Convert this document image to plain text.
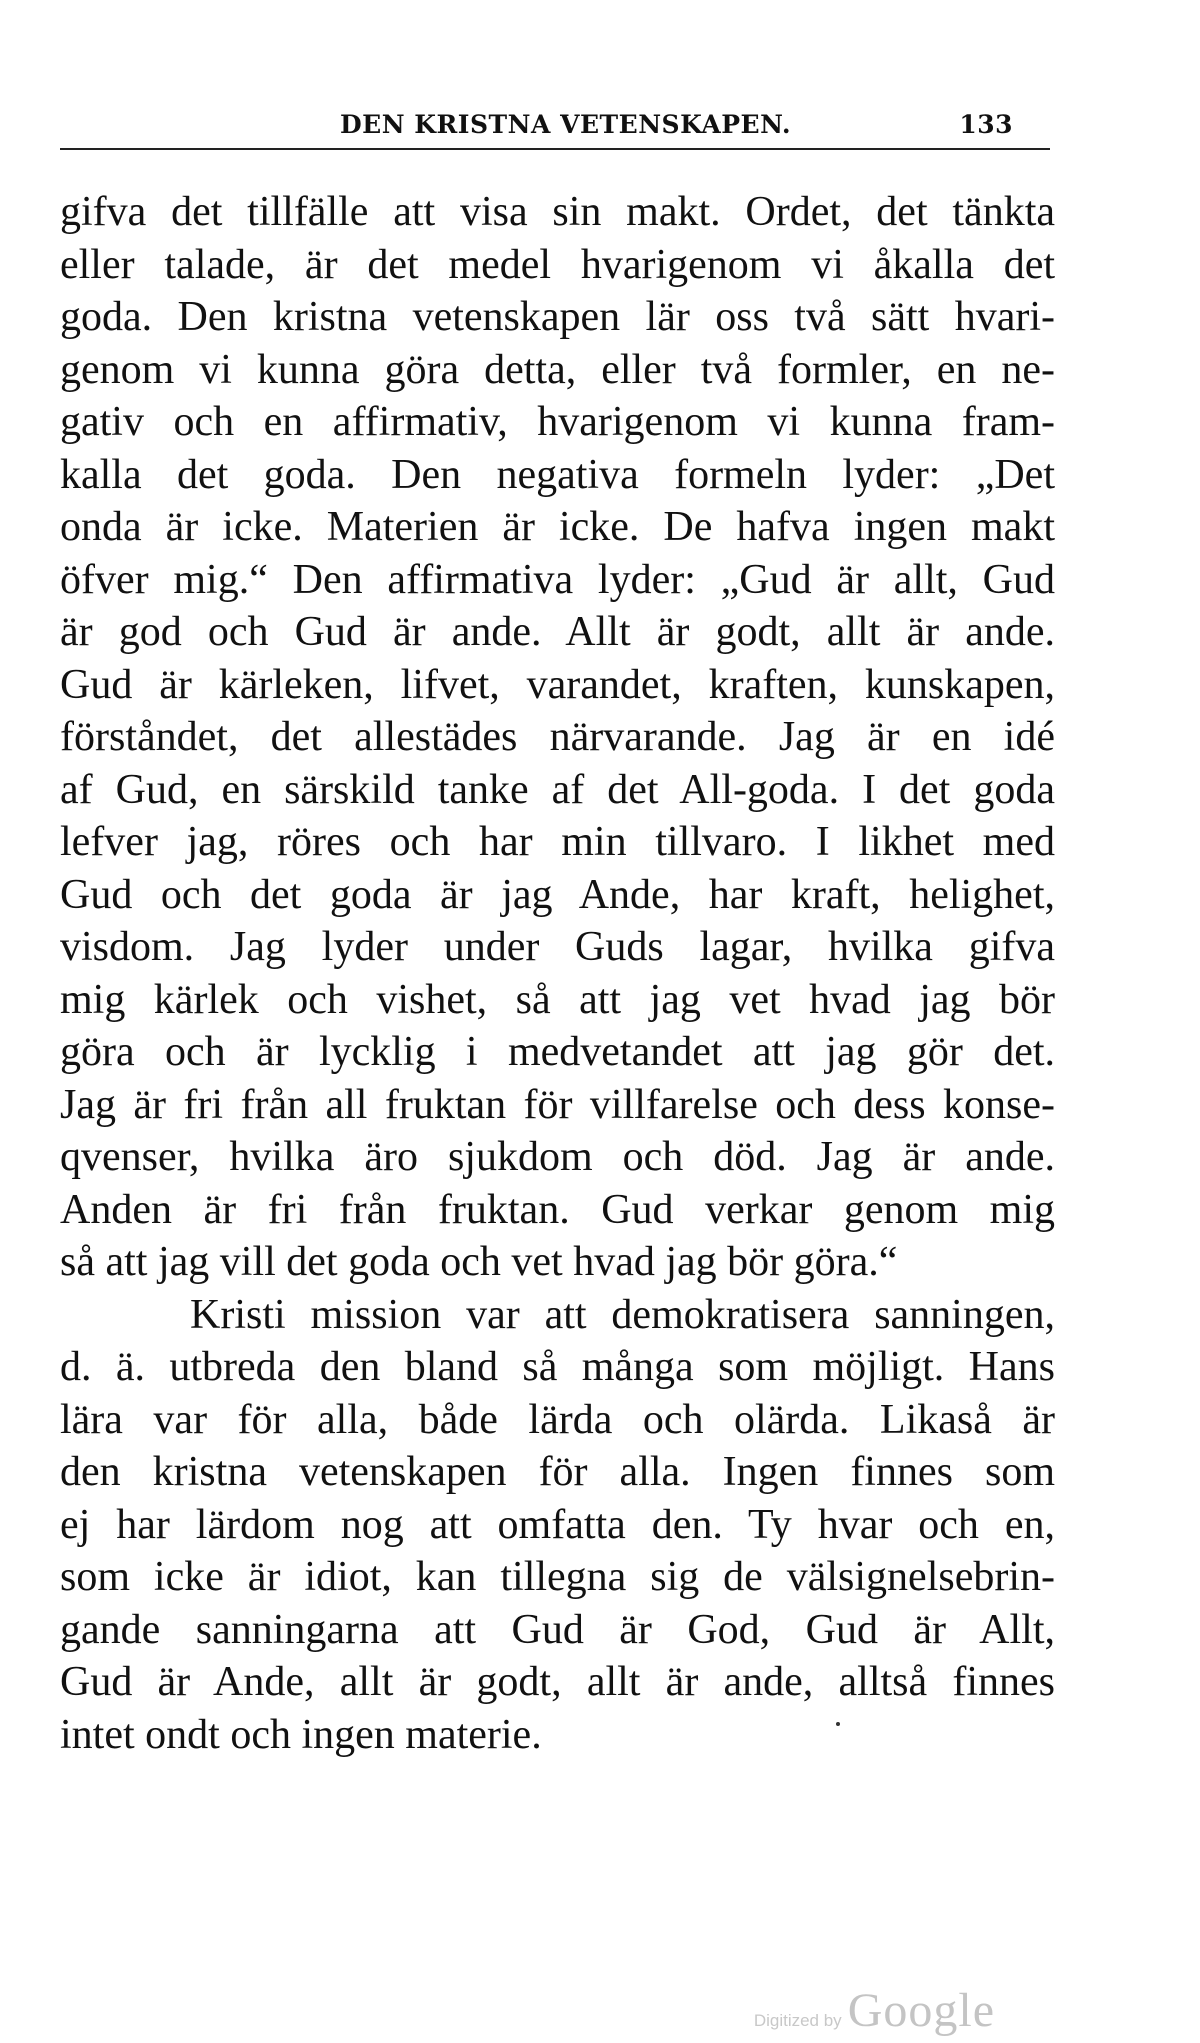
DEN KRISTNA VETENSKAPEN.	133
gifva det tillfälle att visa sin makt. Ordet, det tänkta
eller talade, är det medel hvarigenom vi åkalla det
goda. Den kristna vetenskapen lär oss två sätt hvari-
genom vi kunna göra detta, eller två formler, en ne-
gativ och en affirmativ, hvarigenom vi kunna fram-
kalla det goda. Den negativa formeln lyder: „Det
onda är icke. Materien är icke. De hafva ingen makt
öfver mig.“ Den affirmativa lyder: „Gud är allt, Gud
är god och Gud är ande. Allt är godt, allt är ande.
Gud är kärleken, lifvet, varandet, kraften, kunskapen,
förståndet, det allestädes närvarande. Jag är en idé
af Gud, en särskild tanke af det All-goda. I det goda
lefver jag, röres och har min tillvaro. I likhet med
Gud och det goda är jag Ande, har kraft, helighet,
visdom. Jag lyder under Guds lagar, hvilka gifva
mig kärlek och vishet, så att jag vet hvad jag bör
göra och är lycklig i medvetandet att jag gör det.
Jag är fri från all fruktan för villfarelse och dess konse-
qvenser, hvilka äro sjukdom och död. Jag är ande.
Anden är fri från fruktan. Gud verkar genom mig
så att jag vill det goda och vet hvad jag bör göra.“
Kristi mission var att demokratisera sanningen,
d. ä. utbreda den bland så många som möjligt. Hans
lära var för alla, både lärda och olärda. Likaså är
den kristna vetenskapen för alla. Ingen finnes som
ej har lärdom nog att omfatta den. Ty hvar och en,
som icke är idiot, kan tillegna sig de välsignelsebrin-
gande sanningarna att Gud är God, Gud är Allt,
Gud är Ande, allt är godt, allt är ande, alltså finnes
intet ondt och ingen materie.
Digitized by Google
